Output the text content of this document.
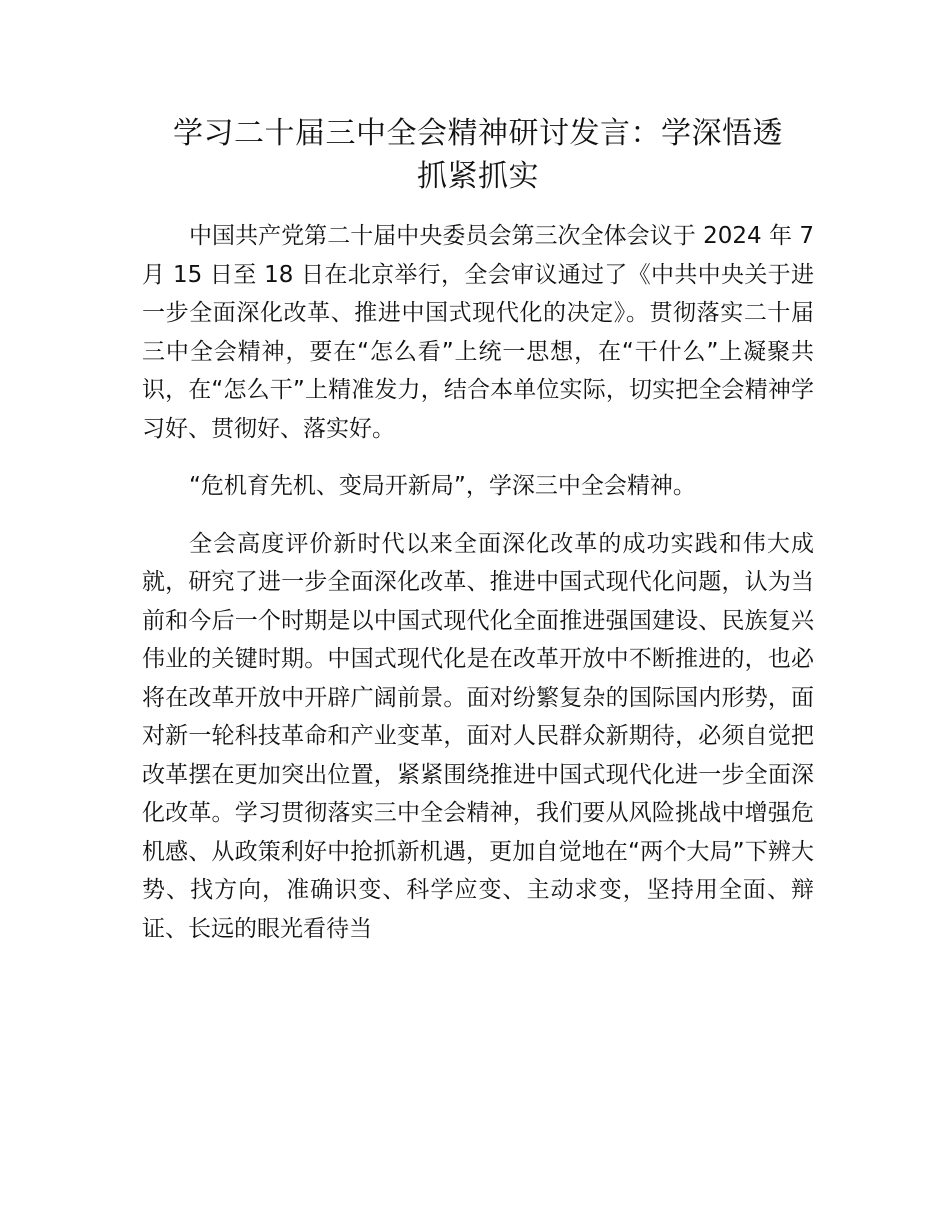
学习二十届三中全会精神研讨发言：学深悟透
抓紧抓实

中国共产党第二十届中央委员会第三次全体会议于 2024 年 7 月 15 日至 18 日在北京举行，全会审议通过了《中共中央关于进一步全面深化改革、推进中国式现代化的决定》。贯彻落实二十届三中全会精神，要在“怎么看”上统一思想，在“干什么”上凝聚共识，在“怎么干”上精准发力，结合本单位实际，切实把全会精神学习好、贯彻好、落实好。

“危机育先机、变局开新局”，学深三中全会精神。

全会高度评价新时代以来全面深化改革的成功实践和伟大成就，研究了进一步全面深化改革、推进中国式现代化问题，认为当前和今后一个时期是以中国式现代化全面推进强国建设、民族复兴伟业的关键时期。中国式现代化是在改革开放中不断推进的，也必将在改革开放中开辟广阔前景。面对纷繁复杂的国际国内形势，面对新一轮科技革命和产业变革，面对人民群众新期待，必须自觉把改革摆在更加突出位置，紧紧围绕推进中国式现代化进一步全面深化改革。学习贯彻落实三中全会精神，我们要从风险挑战中增强危机感、从政策利好中抢抓新机遇，更加自觉地在“两个大局”下辨大势、找方向，准确识变、科学应变、主动求变，坚持用全面、辩证、长远的眼光看待当
